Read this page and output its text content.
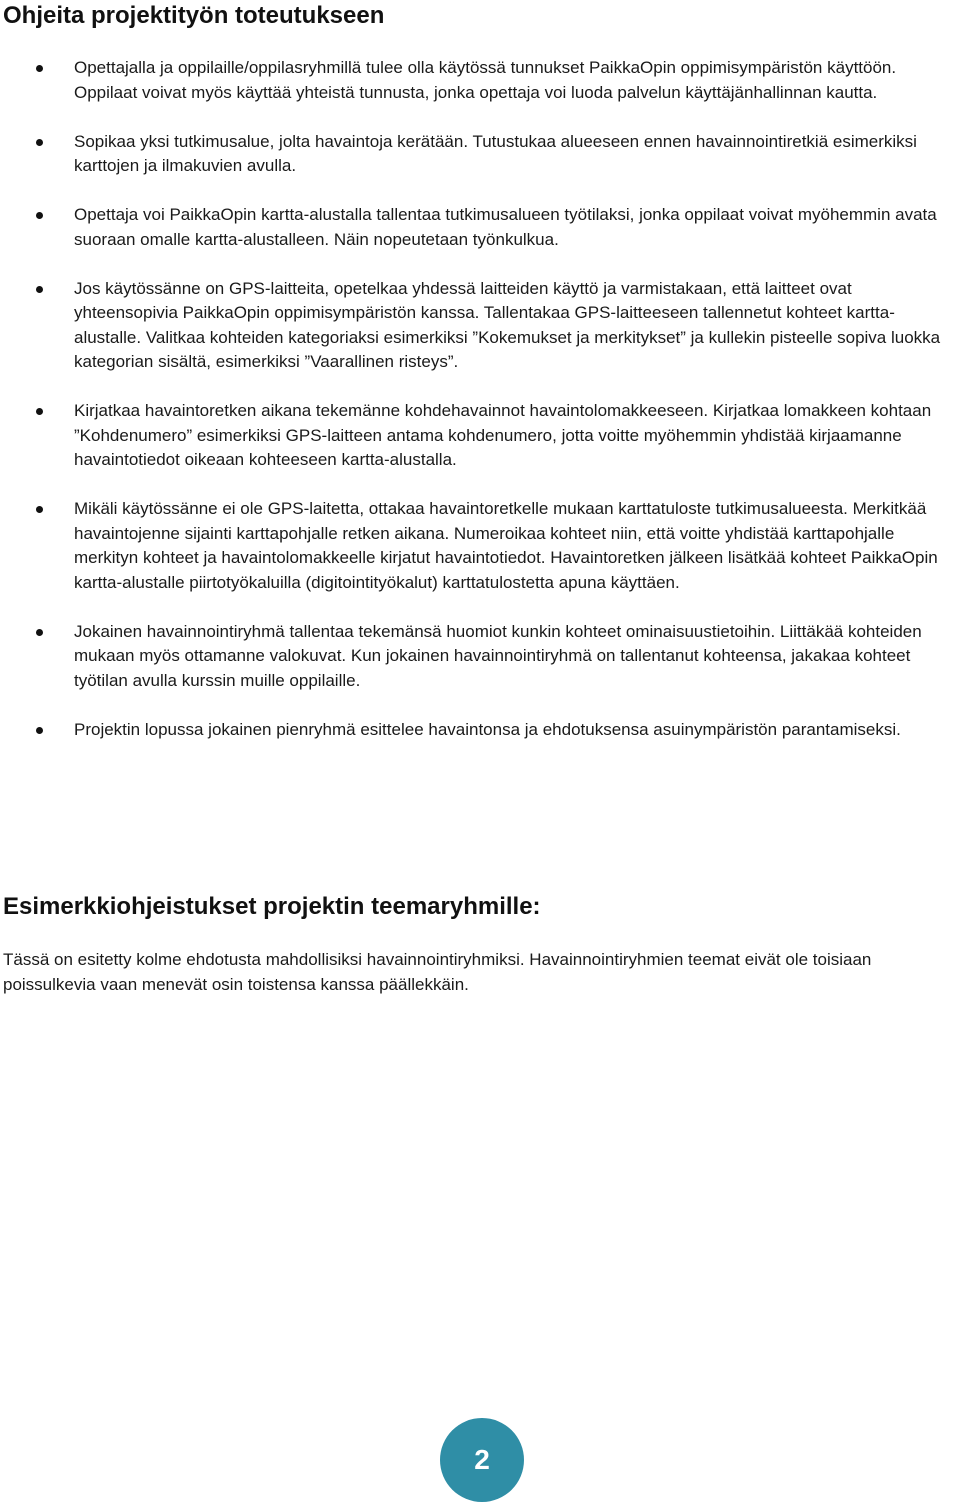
Ohjeita projektityön toteutukseen
Opettajalla ja oppilaille/oppilasryhmillä tulee olla käytössä tunnukset PaikkaOpin oppimisympäristön käyttöön. Oppilaat voivat myös käyttää yhteistä tunnusta, jonka opettaja voi luoda palvelun käyttäjänhallinnan kautta.
Sopikaa yksi tutkimusalue, jolta havaintoja kerätään. Tutustukaa alueeseen ennen havainnointiretkiä esimerkiksi karttojen ja ilmakuvien avulla.
Opettaja voi PaikkaOpin kartta-alustalla tallentaa tutkimusalueen työtilaksi, jonka oppilaat voivat myöhemmin avata suoraan omalle kartta-alustalleen. Näin nopeutetaan työnkulkua.
Jos käytössänne on GPS-laitteita, opetelkaa yhdessä laitteiden käyttö ja varmistakaan, että laitteet ovat yhteensopivia PaikkaOpin oppimisympäristön kanssa. Tallentakaa GPS-laitteeseen tallennetut kohteet kartta-alustalle. Valitkaa kohteiden kategoriaksi esimerkiksi ”Kokemukset ja merkitykset” ja kullekin pisteelle sopiva luokka kategorian sisältä, esimerkiksi ”Vaarallinen risteys”.
Kirjatkaa havaintoretken aikana tekemänne kohdehavainnot havaintolomakkeeseen. Kirjatkaa lomakkeen kohtaan ”Kohdenumero” esimerkiksi GPS-laitteen antama kohdenumero, jotta voitte myöhemmin yhdistää kirjaamanne havaintotiedot oikeaan kohteeseen kartta-alustalla.
Mikäli käytössänne ei ole GPS-laitetta, ottakaa havaintoretkelle mukaan karttatuloste tutkimusalueesta. Merkitkää havaintojenne sijainti karttapohjalle retken aikana. Numeroikaa kohteet niin, että voitte yhdistää karttapohjalle merkityn kohteet ja havaintolomakkeelle kirjatut havaintotiedot. Havaintoretken jälkeen lisätkää kohteet PaikkaOpin kartta-alustalle piirtotyökaluilla (digitointityökalut) karttatulostetta apuna käyttäen.
Jokainen havainnointiryhmä tallentaa tekemänsä huomiot kunkin kohteet ominaisuustietoihin. Liittäkää kohteiden mukaan myös ottamanne valokuvat. Kun jokainen havainnointiryhmä on tallentanut kohteensa, jakakaa kohteet työtilan avulla kurssin muille oppilaille.
Projektin lopussa jokainen pienryhmä esittelee havaintonsa ja ehdotuksensa asuinympäristön parantamiseksi.
Esimerkkiohjeistukset projektin teemaryhmille:

Tässä on esitetty kolme ehdotusta mahdollisiksi havainnointiryhmiksi. Havainnointiryhmien teemat eivät ole toisiaan poissulkevia vaan menevät osin toistensa kanssa päällekkäin.

2
